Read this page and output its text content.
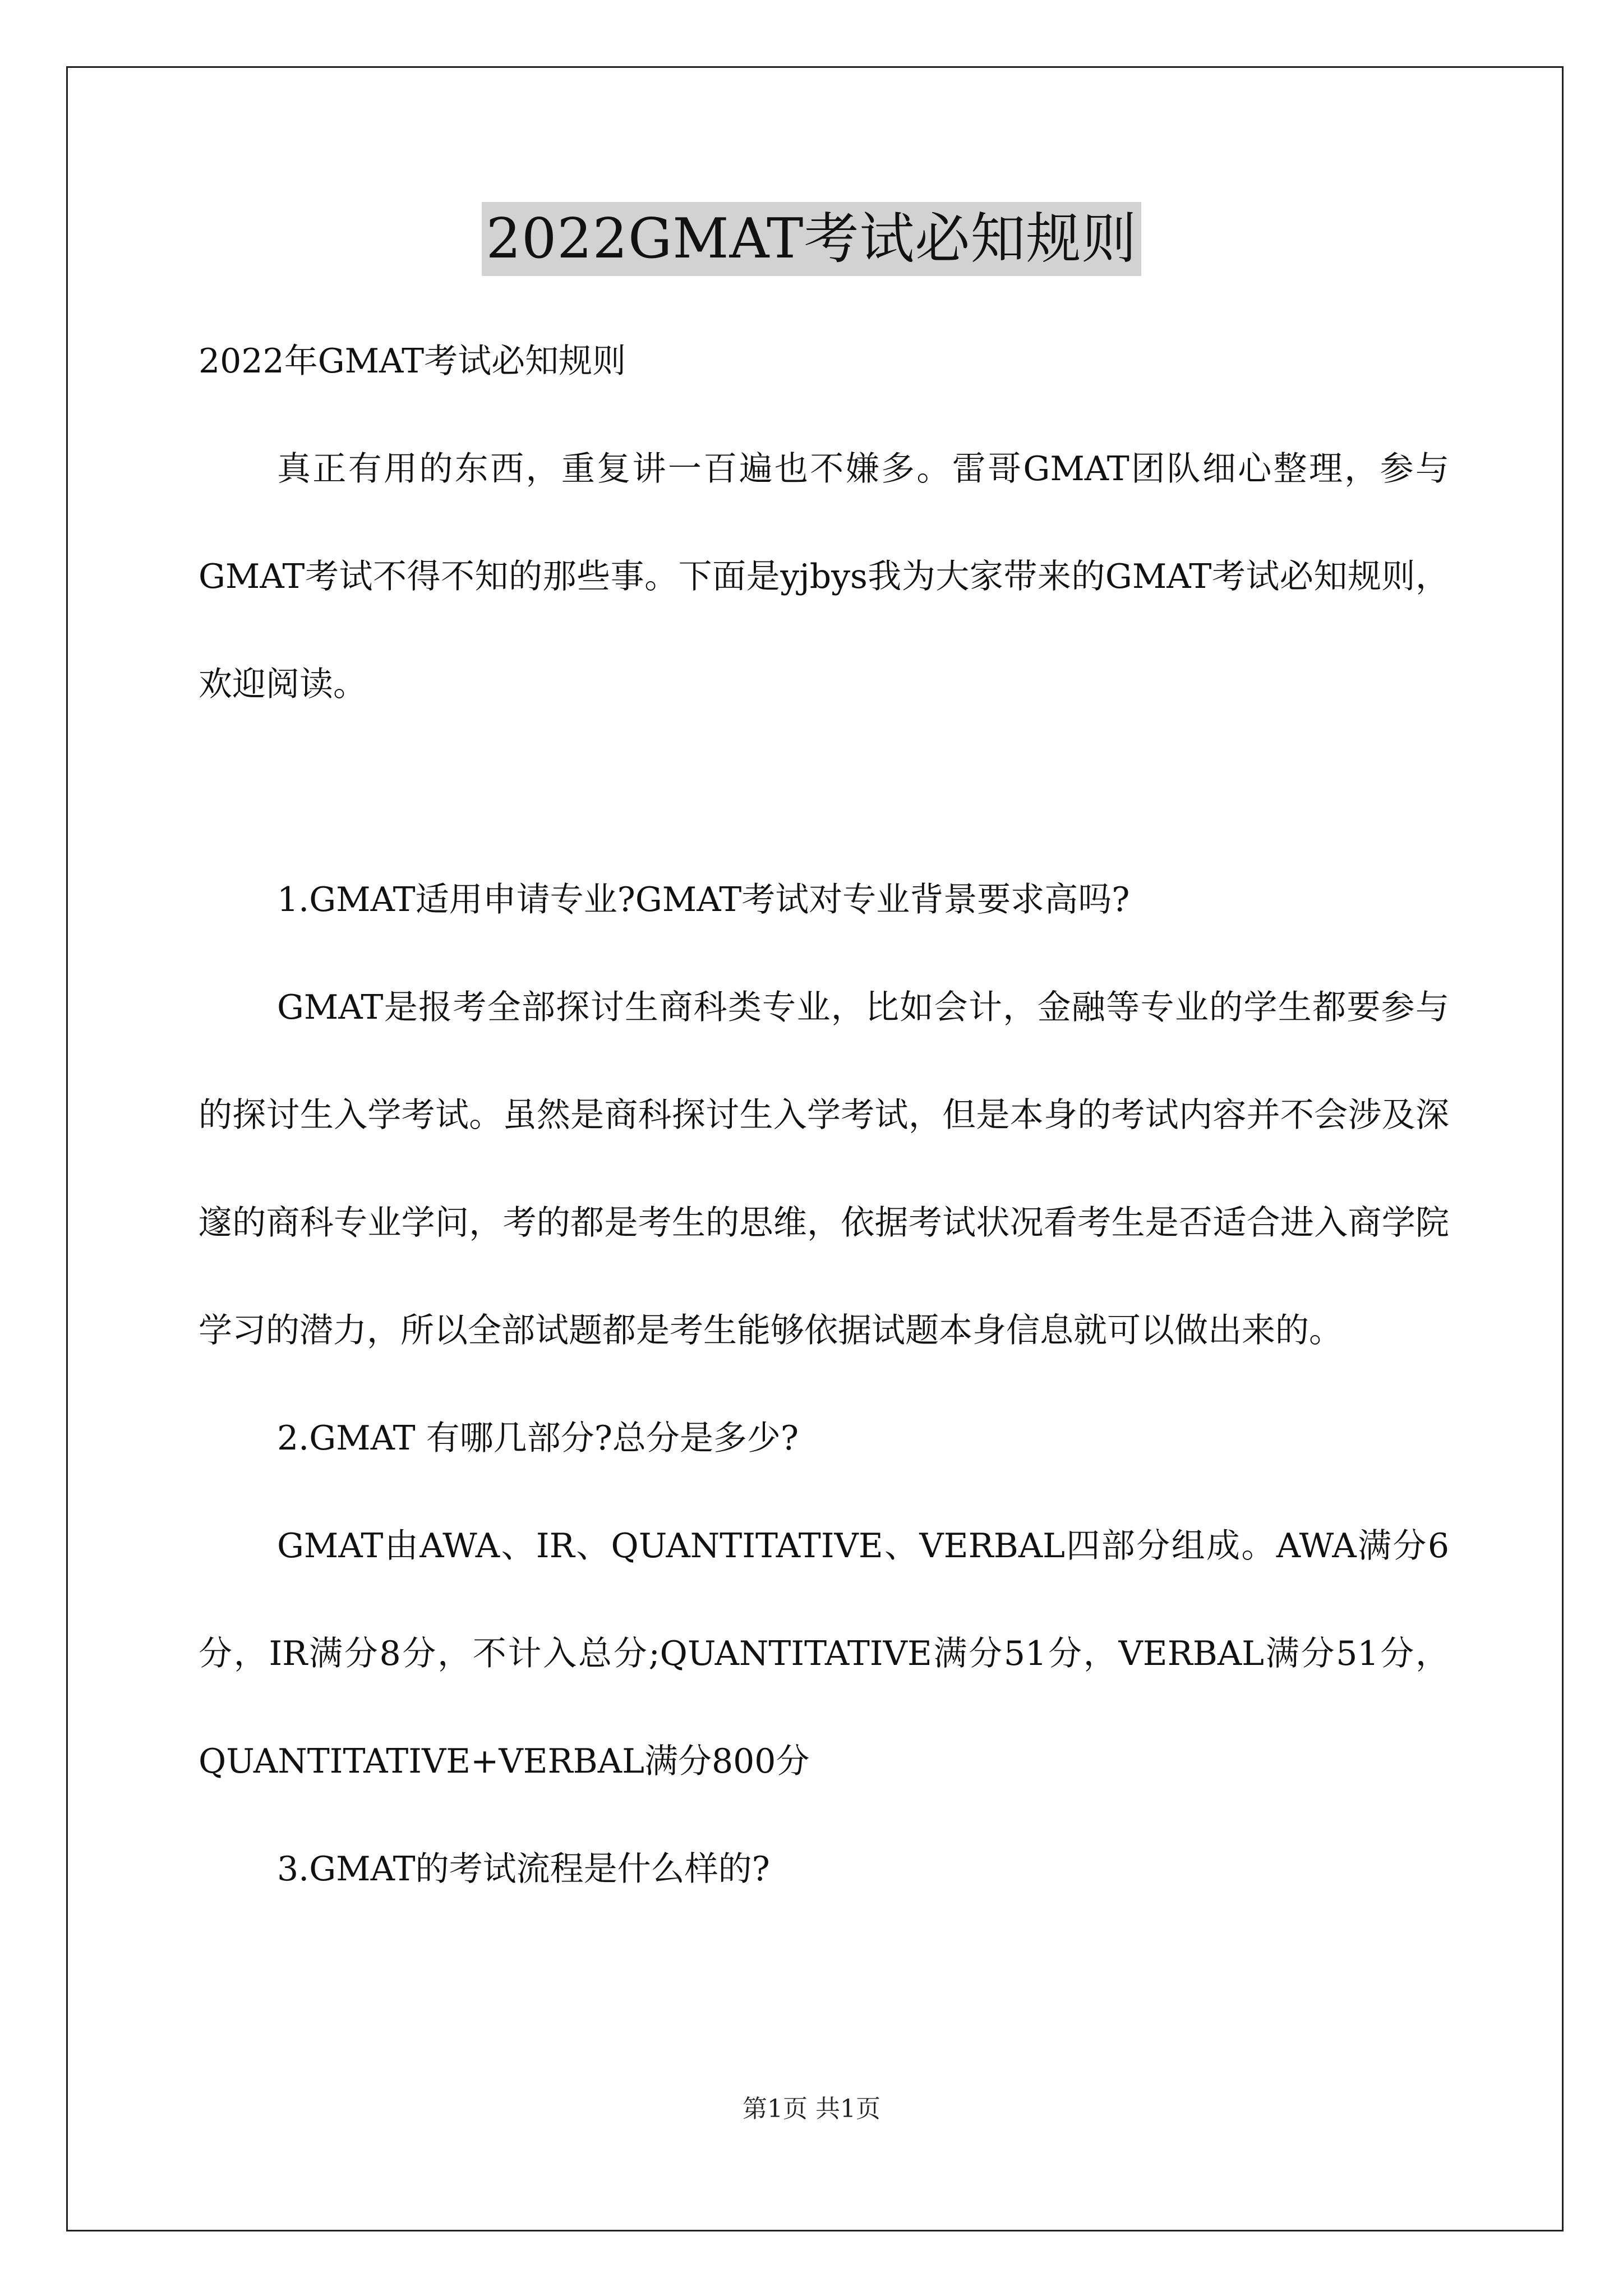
2022GMAT考试必知规则

2022年GMAT考试必知规则

真正有用的东西，重复讲一百遍也不嫌多。雷哥GMAT团队细心整理，参与GMAT考试不得不知的那些事。下面是yjbys我为大家带来的GMAT考试必知规则，欢迎阅读。

1.GMAT适用申请专业?GMAT考试对专业背景要求高吗?

GMAT是报考全部探讨生商科类专业，比如会计，金融等专业的学生都要参与的探讨生入学考试。虽然是商科探讨生入学考试，但是本身的考试内容并不会涉及深邃的商科专业学问，考的都是考生的思维，依据考试状况看考生是否适合进入商学院学习的潜力，所以全部试题都是考生能够依据试题本身信息就可以做出来的。

2.GMAT 有哪几部分?总分是多少?

GMAT由AWA、IR、QUANTITATIVE、VERBAL四部分组成。AWA满分6分，IR满分8分，不计入总分;QUANTITATIVE满分51分，VERBAL满分51分，QUANTITATIVE+VERBAL满分800分

3.GMAT的考试流程是什么样的?

第1页 共1页
